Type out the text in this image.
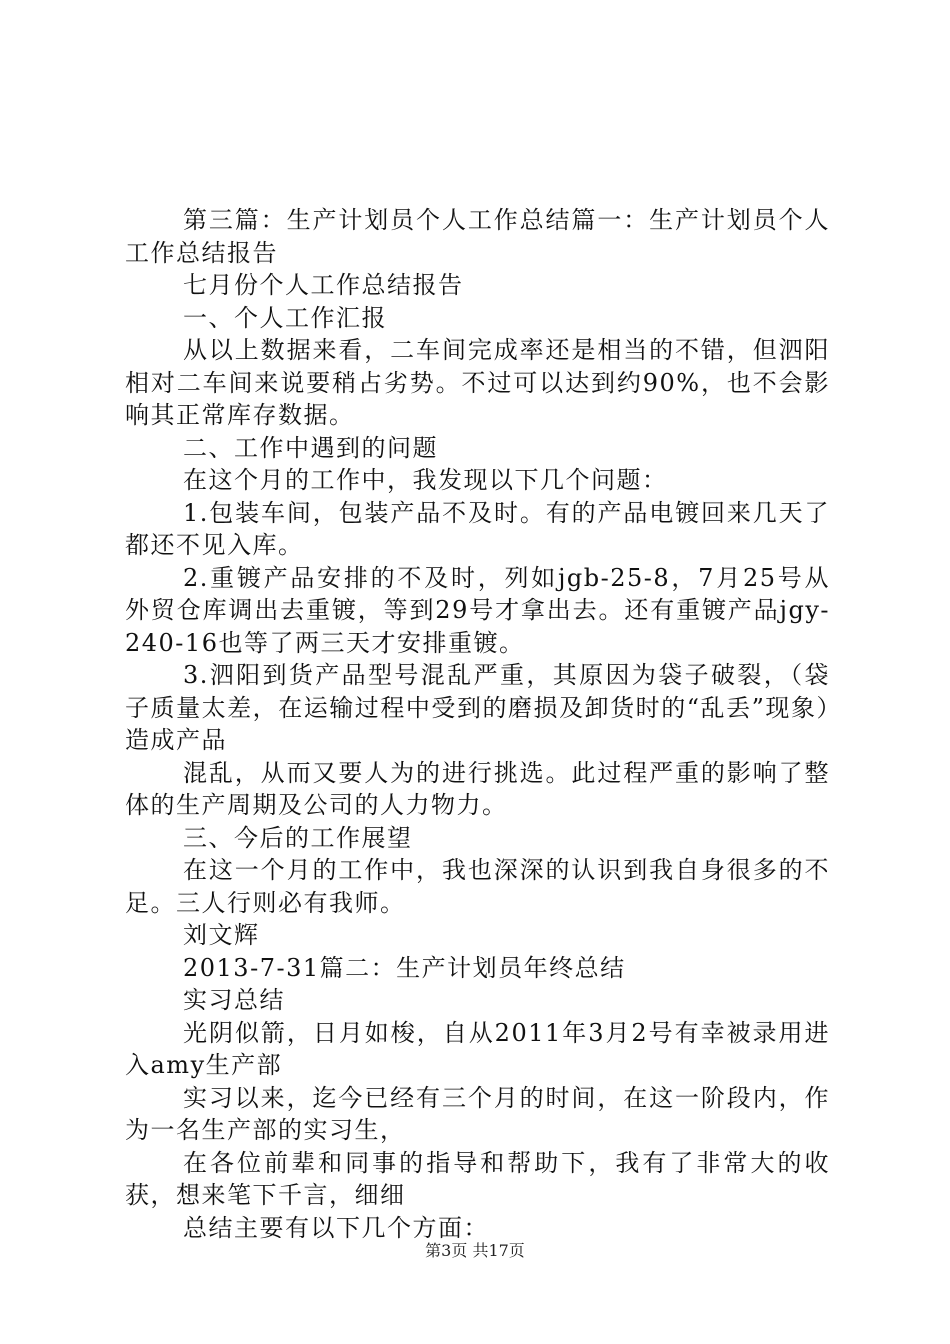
第三篇：生产计划员个人工作总结篇一：生产计划员个人工作总结报告

七月份个人工作总结报告

一、个人工作汇报

从以上数据来看，二车间完成率还是相当的不错，但泗阳相对二车间来说要稍占劣势。不过可以达到约90%，也不会影响其正常库存数据。

二、工作中遇到的问题

在这个月的工作中，我发现以下几个问题：

1.包装车间，包装产品不及时。有的产品电镀回来几天了都还不见入库。

2.重镀产品安排的不及时，列如jgb-25-8，7月25号从外贸仓库调出去重镀，等到29号才拿出去。还有重镀产品jgy-240-16也等了两三天才安排重镀。

3.泗阳到货产品型号混乱严重，其原因为袋子破裂，（袋子质量太差，在运输过程中受到的磨损及卸货时的“乱丢”现象）造成产品

混乱，从而又要人为的进行挑选。此过程严重的影响了整体的生产周期及公司的人力物力。

三、今后的工作展望

在这一个月的工作中，我也深深的认识到我自身很多的不足。三人行则必有我师。

刘文辉

2013-7-31篇二：生产计划员年终总结

实习总结

光阴似箭，日月如梭，自从2011年3月2号有幸被录用进入amy生产部

实习以来，迄今已经有三个月的时间，在这一阶段内，作为一名生产部的实习生，

在各位前辈和同事的指导和帮助下，我有了非常大的收获，想来笔下千言，细细

总结主要有以下几个方面：

第3页 共17页
